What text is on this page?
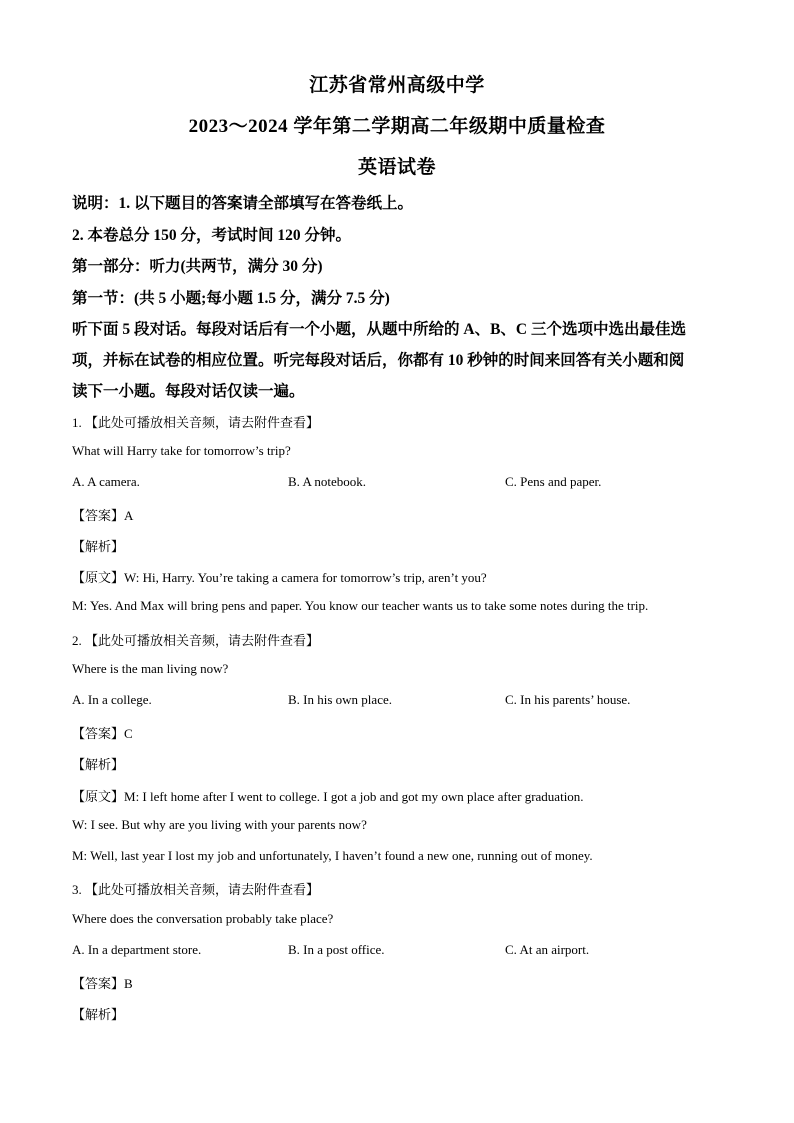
江苏省常州高级中学
2023～2024 学年第二学期高二年级期中质量检查
英语试卷
说明：1. 以下题目的答案请全部填写在答卷纸上。
2. 本卷总分 150 分，考试时间 120 分钟。
第一部分：听力(共两节，满分 30 分)
第一节：(共 5 小题;每小题 1.5 分，满分 7.5 分)
听下面 5 段对话。每段对话后有一个小题，从题中所给的 A、B、C 三个选项中选出最佳选
项，并标在试卷的相应位置。听完每段对话后，你都有 10 秒钟的时间来回答有关小题和阅
读下一小题。每段对话仅读一遍。
1. 【此处可播放相关音频，请去附件查看】
What will Harry take for tomorrow’s trip?
A. A camera.	B. A notebook.	C. Pens and paper.
【答案】A
【解析】
【原文】W: Hi, Harry. You’re taking a camera for tomorrow’s trip, aren’t you?
M: Yes. And Max will bring pens and paper. You know our teacher wants us to take some notes during the trip.
2. 【此处可播放相关音频，请去附件查看】
Where is the man living now?
A. In a college.	B. In his own place.	C. In his parents’ house.
【答案】C
【解析】
【原文】M: I left home after I went to college. I got a job and got my own place after graduation.
W: I see. But why are you living with your parents now?
M: Well, last year I lost my job and unfortunately, I haven’t found a new one, running out of money.
3. 【此处可播放相关音频，请去附件查看】
Where does the conversation probably take place?
A. In a department store.	B. In a post office.	C. At an airport.
【答案】B
【解析】
